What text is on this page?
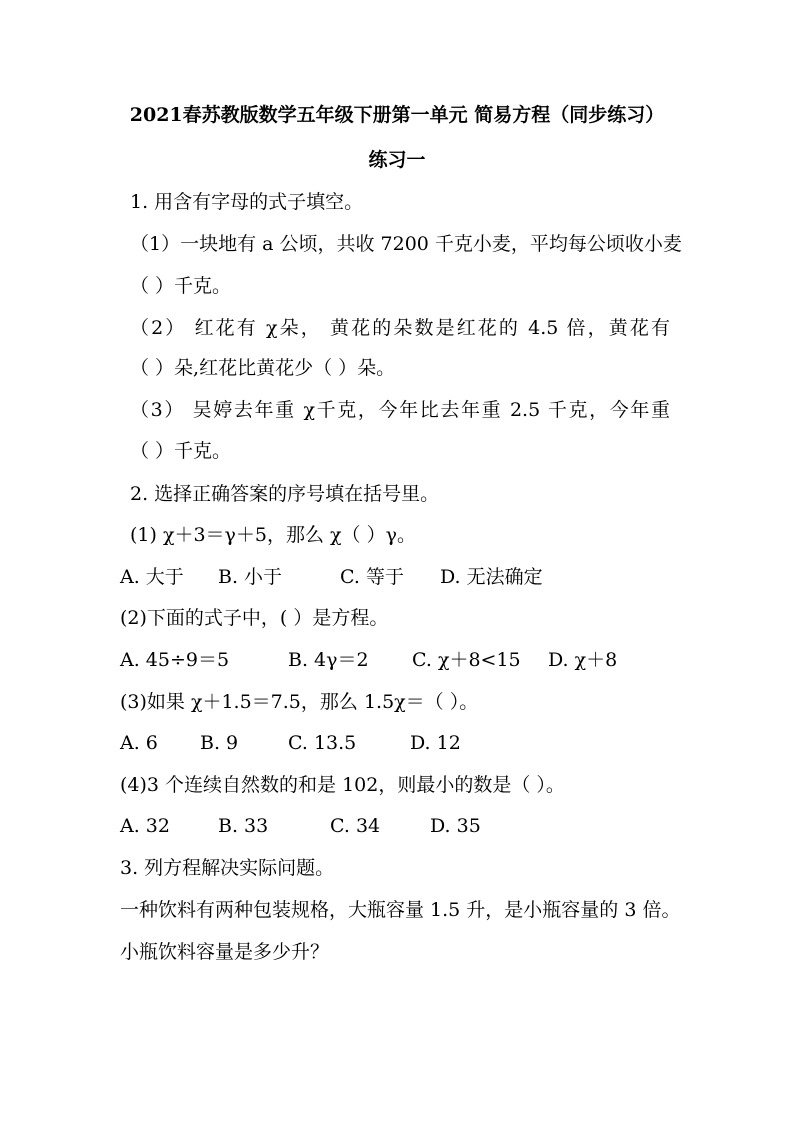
2021春苏教版数学五年级下册第一单元 简易方程（同步练习）
练习一
1. 用含有字母的式子填空。
（1）一块地有 a 公顷，共收 7200 千克小麦，平均每公顷收小麦
（ ）千克。
（2） 红花有 χ朵， 黄花的朵数是红花的 4.5 倍，黄花有
（ ）朵,红花比黄花少（ ）朵。
（3） 吴婷去年重 χ千克，今年比去年重 2.5 千克，今年重
（ ）千克。
2. 选择正确答案的序号填在括号里。
(1) χ＋3＝γ＋5，那么 χ（ ）γ。
A. 大于 B. 小于	C. 等于 D. 无法确定
(2)下面的式子中，( ）是方程。
A. 45÷9＝5	B. 4γ＝2 C. χ＋8<15 D. χ＋8
(3)如果 χ＋1.5＝7.5，那么 1.5χ＝（ ）。
A. 6 B. 9	C. 13.5	D. 12
(4)3 个连续自然数的和是 102，则最小的数是（ ）。
A. 32	B. 33	C. 34	D. 35
3. 列方程解决实际问题。
一种饮料有两种包装规格，大瓶容量 1.5 升，是小瓶容量的 3 倍。
小瓶饮料容量是多少升？
